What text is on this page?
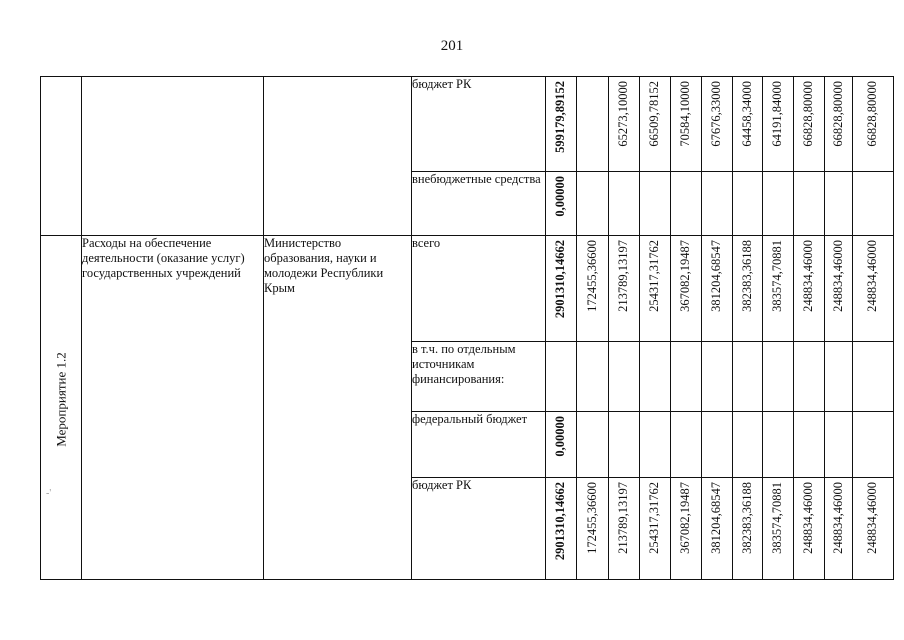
201
			бюджет РК	599179,89152		65273,10000	66509,78152	70584,10000	67676,33000	64458,34000	64191,84000	66828,80000	66828,80000	66828,80000

			внебюджетные средства	0,00000										

Мероприятие 1.2	Расходы на обеспечение деятельности (оказание услуг) государственных учреждений	Министерство образования, науки и молодежи Республики Крым	всего	2901310,14662	172455,36600	213789,13197	254317,31762	367082,19487	381204,68547	382383,36188	383574,70881	248834,46000	248834,46000	248834,46000

			в т.ч. по отдельным источникам финансирования:	

			федеральный бюджет	0,00000										

			бюджет РК	2901310,14662	172455,36600	213789,13197	254317,31762	367082,19487	381204,68547	382383,36188	383574,70881	248834,46000	248834,46000	248834,46000
-'
